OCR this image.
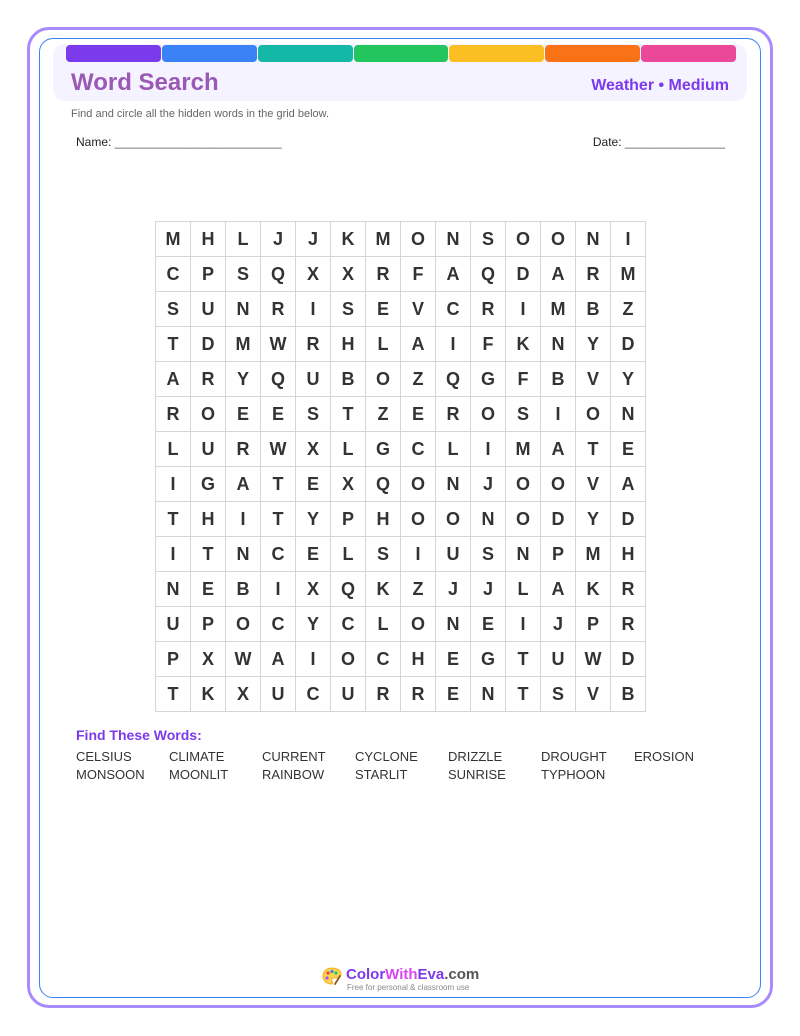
Word Search	Weather • Medium
Find and circle all the hidden words in the grid below.
Name: _________________________	Date: _______________
M	H	L	J	J	K	M	O	N	S	O	O	N	I
C	P	S	Q	X	X	R	F	A	Q	D	A	R	M
S	U	N	R	I	S	E	V	C	R	I	M	B	Z
T	D	M	W	R	H	L	A	I	F	K	N	Y	D
A	R	Y	Q	U	B	O	Z	Q	G	F	B	V	Y
R	O	E	E	S	T	Z	E	R	O	S	I	O	N
L	U	R	W	X	L	G	C	L	I	M	A	T	E
I	G	A	T	E	X	Q	O	N	J	O	O	V	A
T	H	I	T	Y	P	H	O	O	N	O	D	Y	D
I	T	N	C	E	L	S	I	U	S	N	P	M	H
N	E	B	I	X	Q	K	Z	J	J	L	A	K	R
U	P	O	C	Y	C	L	O	N	E	I	J	P	R
P	X	W	A	I	O	C	H	E	G	T	U	W	D
T	K	X	U	C	U	R	R	E	N	T	S	V	B
Find These Words:
CELSIUS	CLIMATE	CURRENT	CYCLONE	DRIZZLE	DROUGHT	EROSION
MONSOON	MOONLIT	RAINBOW	STARLIT	SUNRISE	TYPHOON
ColorWithEva.com
Free for personal & classroom use
